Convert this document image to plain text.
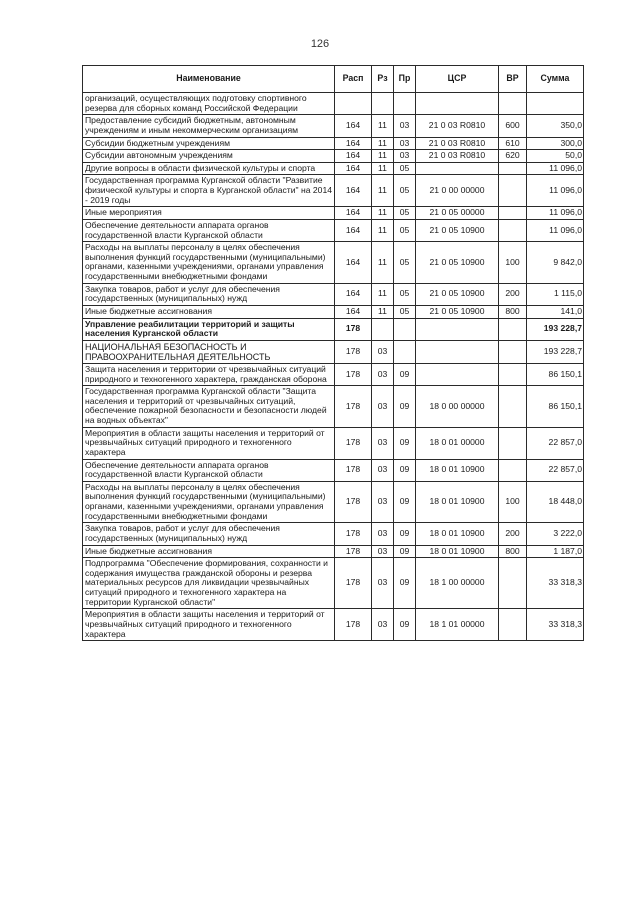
126
Наименование	Расп	Рз	Пр	ЦСР	ВР	Сумма
организаций, осуществляющих подготовку спортивного резерва для сборных команд Российской Федерации						
Предоставление субсидий бюджетным, автономным учреждениям и иным некоммерческим организациям	164	11	03	21 0 03 R0810	600	350,0
Субсидии бюджетным учреждениям	164	11	03	21 0 03 R0810	610	300,0
Субсидии автономным учреждениям	164	11	03	21 0 03 R0810	620	50,0
Другие вопросы в области физической культуры и спорта	164	11	05			11 096,0
Государственная программа Курганской области "Развитие физической культуры и спорта в Курганской области" на 2014 - 2019 годы	164	11	05	21 0 00 00000		11 096,0
Иные мероприятия	164	11	05	21 0 05 00000		11 096,0
Обеспечение деятельности аппарата органов государственной власти Курганской области	164	11	05	21 0 05 10900		11 096,0
Расходы на выплаты персоналу в целях обеспечения выполнения функций государственными (муниципальными) органами, казенными учреждениями, органами управления государственными внебюджетными фондами	164	11	05	21 0 05 10900	100	9 842,0
Закупка товаров, работ и услуг для обеспечения государственных (муниципальных) нужд	164	11	05	21 0 05 10900	200	1 115,0
Иные бюджетные ассигнования	164	11	05	21 0 05 10900	800	141,0
Управление реабилитации территорий и защиты населения Курганской области	178					193 228,7
НАЦИОНАЛЬНАЯ БЕЗОПАСНОСТЬ И ПРАВООХРАНИТЕЛЬНАЯ ДЕЯТЕЛЬНОСТЬ	178	03				193 228,7
Защита населения и территории от чрезвычайных ситуаций природного и техногенного характера, гражданская оборона	178	03	09			86 150,1
Государственная программа Курганской области "Защита населения и территорий от чрезвычайных ситуаций, обеспечение пожарной безопасности и безопасности людей на водных объектах"	178	03	09	18 0 00 00000		86 150,1
Мероприятия в области защиты населения и территорий от чрезвычайных ситуаций природного и техногенного характера	178	03	09	18 0 01 00000		22 857,0
Обеспечение деятельности аппарата органов государственной власти Курганской области	178	03	09	18 0 01 10900		22 857,0
Расходы на выплаты персоналу в целях обеспечения выполнения функций государственными (муниципальными) органами, казенными учреждениями, органами управления государственными внебюджетными фондами	178	03	09	18 0 01 10900	100	18 448,0
Закупка товаров, работ и услуг для обеспечения государственных (муниципальных) нужд	178	03	09	18 0 01 10900	200	3 222,0
Иные бюджетные ассигнования	178	03	09	18 0 01 10900	800	1 187,0
Подпрограмма "Обеспечение формирования, сохранности и содержания имущества гражданской обороны и резерва материальных ресурсов для ликвидации чрезвычайных ситуаций природного и техногенного характера на территории Курганской области"	178	03	09	18 1 00 00000		33 318,3
Мероприятия в области защиты населения и территорий от чрезвычайных ситуаций природного и техногенного характера	178	03	09	18 1 01 00000		33 318,3
